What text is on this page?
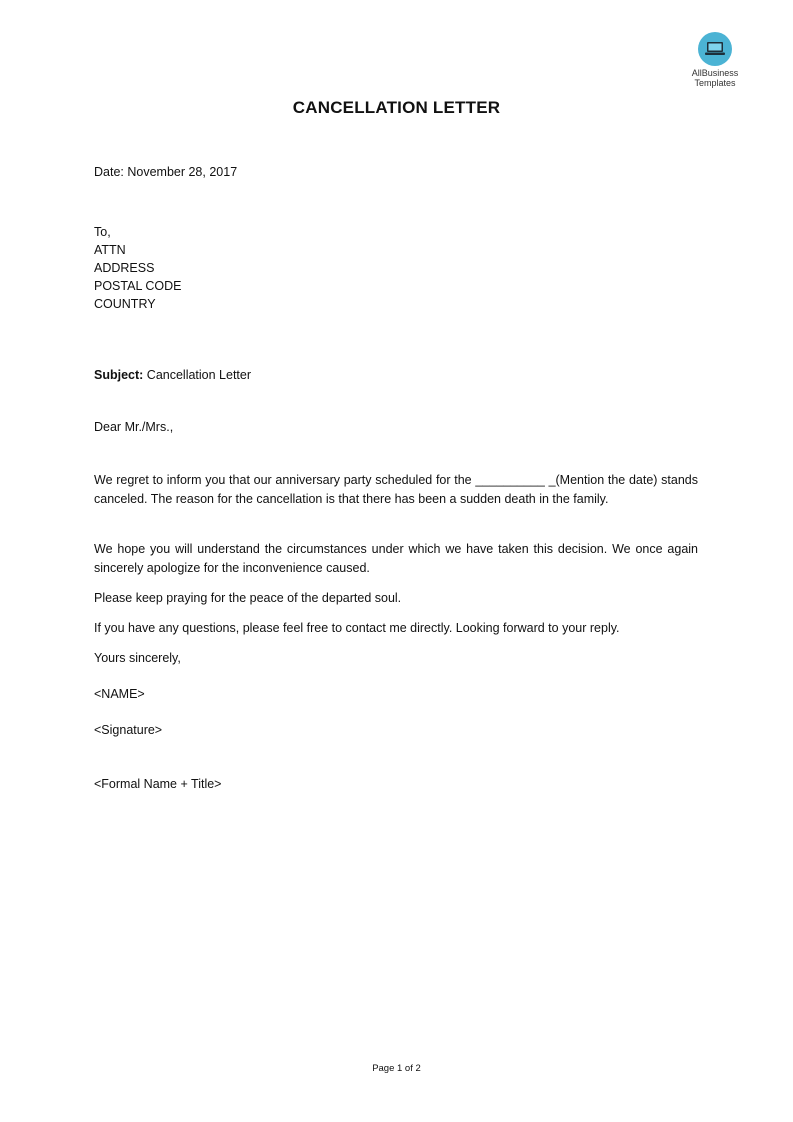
AllBusiness
Templates
CANCELLATION LETTER

Date: November 28, 2017

To,
ATTN
ADDRESS
POSTAL CODE
COUNTRY

Subject: Cancellation Letter

Dear Mr./Mrs.,

We regret to inform you that our anniversary party scheduled for the __________ _(Mention the date) stands canceled. The reason for the cancellation is that there has been a sudden death in the family.

We hope you will understand the circumstances under which we have taken this decision. We once again sincerely apologize for the inconvenience caused.

Please keep praying for the peace of the departed soul.

If you have any questions, please feel free to contact me directly. Looking forward to your reply.

Yours sincerely,

<NAME>

<Signature>

<Formal Name + Title>

Page 1 of 2
